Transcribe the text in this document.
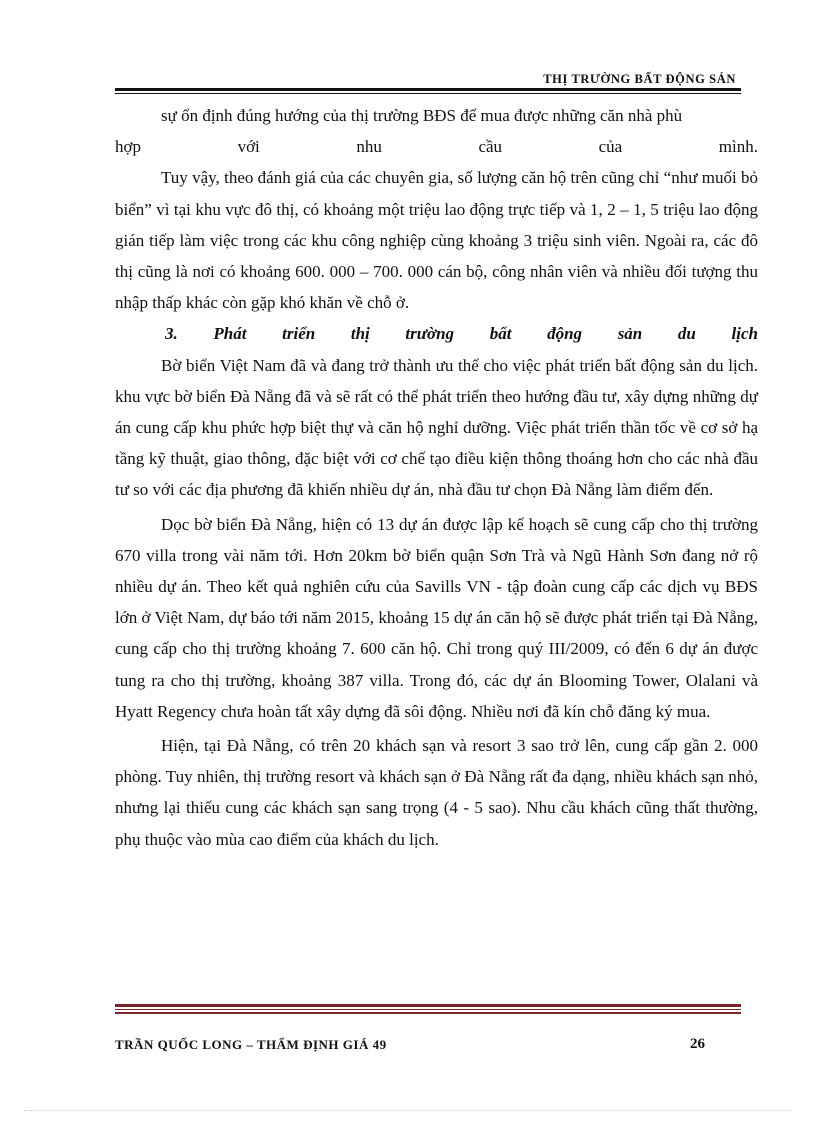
THỊ TRƯỜNG BẤT ĐỘNG SẢN

sự ổn định đúng hướng của thị trường BĐS để mua được những căn nhà phù

hợp với nhu cầu của mình.

Tuy vậy, theo đánh giá của các chuyên gia, số lượng căn hộ trên cũng chỉ “như muối bỏ biển” vì tại khu vực đô thị, có khoảng một triệu lao động trực tiếp và 1, 2 – 1, 5 triệu lao động gián tiếp làm việc trong các khu công nghiệp cùng khoảng 3 triệu sinh viên. Ngoài ra, các đô thị cũng là nơi có khoảng 600. 000 – 700. 000 cán bộ, công nhân viên và nhiều đối tượng thu nhập thấp khác còn gặp khó khăn về chỗ ở.

3. Phát triển thị trường bất động sản du lịch

Bờ biển Việt Nam đã và đang trở thành ưu thế cho việc phát triển bất động sản du lịch. khu vực bờ biển Đà Nẵng đã và sẽ rất có thể phát triển theo hướng đầu tư, xây dựng những dự án cung cấp khu phức hợp biệt thự và căn hộ nghỉ dưỡng. Việc phát triển thần tốc về cơ sở hạ tầng kỹ thuật, giao thông, đặc biệt với cơ chế tạo điều kiện thông thoáng hơn cho các nhà đầu tư so với các địa phương đã khiến nhiều dự án, nhà đầu tư chọn Đà Nẵng làm điểm đến.

Dọc bờ biển Đà Nẵng, hiện có 13 dự án được lập kế hoạch sẽ cung cấp cho thị trường 670 villa trong vài năm tới. Hơn 20km bờ biển quận Sơn Trà và Ngũ Hành Sơn đang nở rộ nhiều dự án. Theo kết quả nghiên cứu của Savills VN - tập đoàn cung cấp các dịch vụ BĐS lớn ở Việt Nam, dự báo tới năm 2015, khoảng 15 dự án căn hộ sẽ được phát triển tại Đà Nẵng, cung cấp cho thị trường khoảng 7. 600 căn hộ. Chỉ trong quý III/2009, có đến 6 dự án được tung ra cho thị trường, khoảng 387 villa. Trong đó, các dự án Blooming Tower, Olalani và Hyatt Regency chưa hoàn tất xây dựng đã sôi động. Nhiều nơi đã kín chỗ đăng ký mua.

Hiện, tại Đà Nẵng, có trên 20 khách sạn và resort 3 sao trở lên, cung cấp gần 2. 000 phòng. Tuy nhiên, thị trường resort và khách sạn ở Đà Nẵng rất đa dạng, nhiều khách sạn nhỏ, nhưng lại thiếu cung các khách sạn sang trọng (4 - 5 sao). Nhu cầu khách cũng thất thường, phụ thuộc vào mùa cao điểm của khách du lịch.

TRẦN QUỐC LONG – THẨM ĐỊNH GIÁ 49	26
